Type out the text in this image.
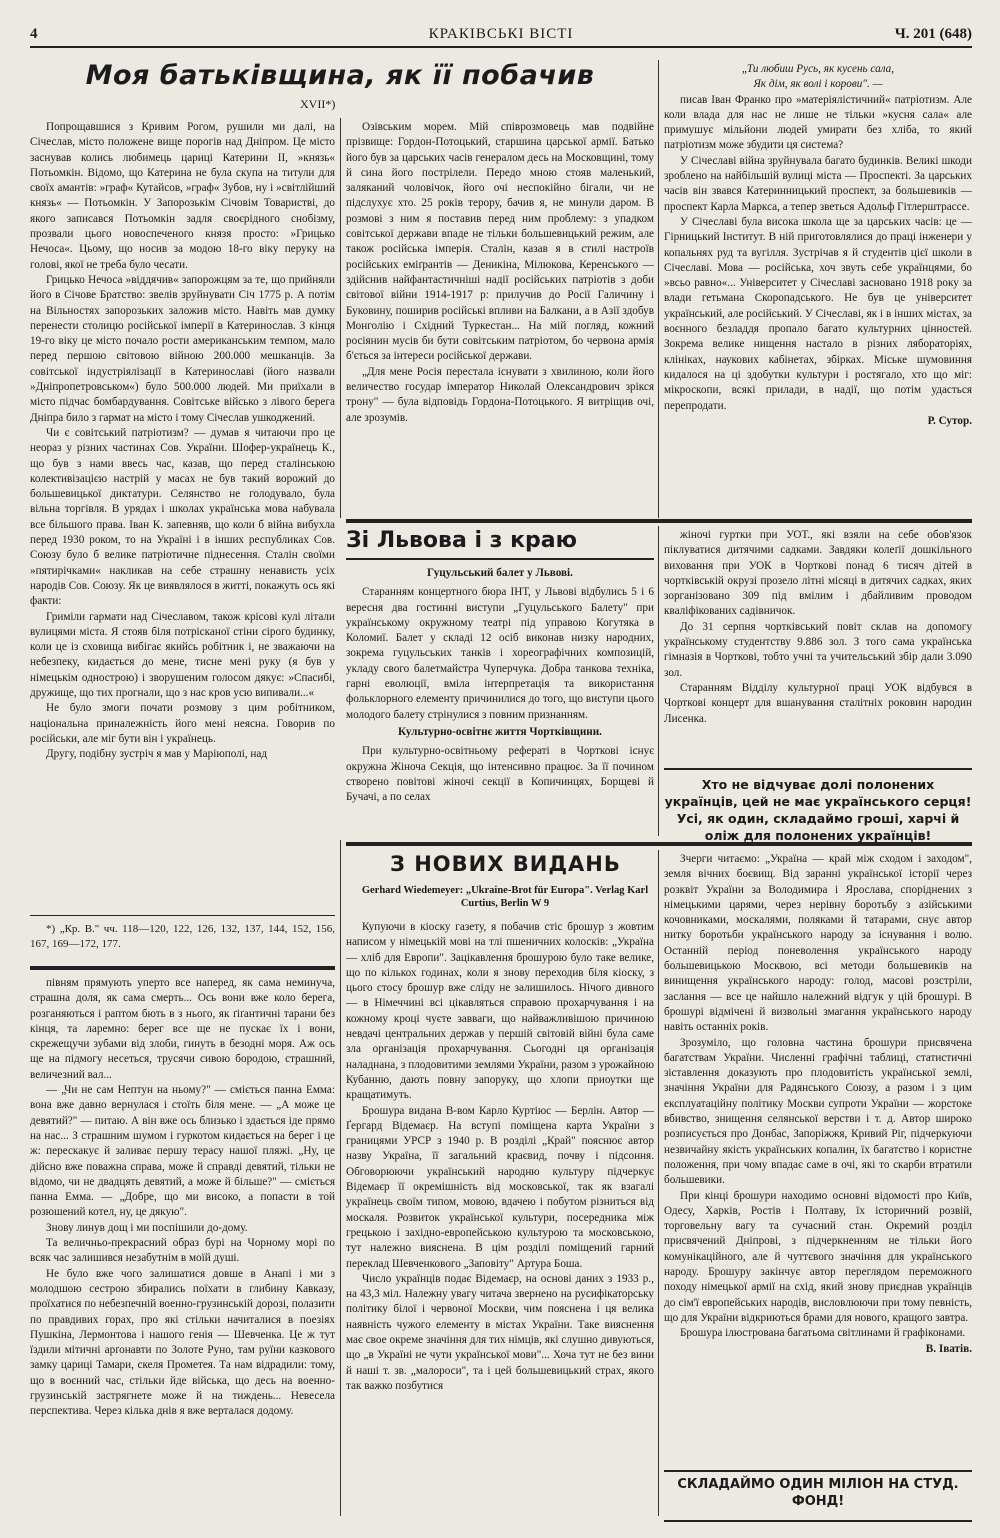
4	КРАКІВСЬКІ ВІСТІ	Ч. 201 (648)
Моя батьківщина, як її побачив
XVII*)

Попрощавшися з Кривим Рогом, рушили ми далі, на Січеслав, місто положене вище порогів над Дніпром. Це місто заснував колись любимець цариці Катерини II, »князь« Потьомкін. Відомо, що Катерина не була скупа на титули для своїх амантів: »граф« Кутайсов, »граф« Зубов, ну і »світлійший князь« — Потьомкін. У Запорозькім Січовім Товаристві, до якого записався Потьомкін задля своєрідного снобізму, прозвали цього новоспеченого князя просто: »Грицько Нечоса«. Цьому, що носив за модою 18-го віку перуку на голові, якої не треба було чесати.

Грицько Нечоса »віддячив« запорожцям за те, що прийняли його в Січове Братство: звелів зруйнувати Січ 1775 р. А потім на Вільностях запорозьких заложив місто. Навіть мав думку перенести столицю російської імперії в Катеринослав. З кінця 19-го віку це місто почало рости американським темпом, мало перед першою світовою війною 200.000 мешканців. За совітської індустріялізації в Катеринославі (його назвали »Дніпропетровськом«) було 500.000 людей. Ми приїхали в місто підчас бомбардування. Совітське військо з лівого берега Дніпра било з гармат на місто і тому Січеслав ушкоджений.

Чи є совітський патріотизм? — думав я читаючи про це неораз у різних частинах Сов. України. Шофер-українець К., що був з нами ввесь час, казав, що перед сталінською колективізацією настрій у масах не був такий ворожий до большевицької диктатури. Селянство не голодувало, була вільна торгівля. В урядах і школах українська мова набувала все більшого права. Іван К. запевняв, що коли б війна вибухла перед 1930 роком, то на Україні і в інших республиках Сов. Союзу було б велике патріотичне піднесення. Сталін своїми »пятирічками« накликав на себе страшну ненависть усіх народів Сов. Союзу. Як це виявлялося в житті, покажуть ось які факти:

Гриміли гармати над Січеславом, також крісові кулі літали вулицями міста. Я стояв біля потрісканої стіни сірого будинку, коли це із сховища вибігає якийсь робітник і, не зважаючи на небезпеку, кидається до мене, тисне мені руку (я був у німецькім однострою) і зворушеним голосом дякує: »Спасибі, дружище, що тих прогнали, що з нас кров усю випивали...«

Не було змоги почати розмову з цим робітником, національна приналежність його мені неясна. Говорив по російськи, але міг бути він і українець.

Другу, подібну зустріч я мав у Маріюполі, над

*) „Кр. В." чч. 118—120, 122, 126, 132, 137, 144, 152, 156, 167, 169—172, 177.

Озівським морем. Мій співрозмовець мав подвійне прізвище: Гордон-Потоцький, старшина царської армії. Батько його був за царських часів генералом десь на Московщині, тому й сина його пострілели. Передо мною стояв маленький, заляканий чоловічок, його очі неспокійно бігали, чи не підслухує хто. 25 років терору, бачив я, не минули даром. В розмові з ним я поставив перед ним проблему: з упадком совітської держави впаде не тільки большевицький режим, але також російська імперія. Сталін, казав я в стилі настроїв російських еміґрантів — Деникіна, Мілюкова, Керенського — здійснив найфантастичніші надії російських патріотів з доби світової війни 1914-1917 р: прилучив до Росії Галичину і Буковину, поширив російські впливи на Балкани, а в Азії здобув Монголію і Східний Туркестан... На мій погляд, кожний росіянин мусів би бути совітським патріотом, бо червона армія б'ється за інтереси російської держави.

„Для мене Росія перестала існувати з хвилиною, коли його величество государ імператор Николай Олександрович зрікся трону" — була відповідь Гордона-Потоцького. Я витріщив очі, але зрозумів.

„Ти любиш Русь, як кусень сала,
Як дім, як волі і корови". —

писав Іван Франко про »матеріялістичний« патріотизм. Але коли влада для нас не лише не тільки »кусня сала« але примушує мільйони людей умирати без хліба, то який патріотизм може збудити ця система?

У Січеславі війна зруйнувала багато будинків. Великі шкоди зроблено на найбільшій вулиці міста — Проспекті. За царських часів він звався Катеринницький проспект, за большевиків — проспект Карла Маркса, а тепер зветься Адольф Гітлерштрассе.

У Січеславі була висока школа ще за царських часів: це — Гірницький Інститут. В ній приготовлялися до праці інженери у копальнях руд та вугілля. Зустрічав я й студентів цієї школи в Січеславі. Мова — російська, хоч звуть себе українцями, бо »всьо равно«... Університет у Січеславі засновано 1918 року за влади гетьмана Скоропадського. Не був це університет український, але російський. У Січеславі, як і в інших містах, за воєнного безладдя пропало багато культурних цінностей. Зокрема велике нищення настало в різних лябораторіях, клініках, наукових кабінетах, збірках. Міське шумовиння кидалося на ці здобутки культури і ростягало, хто що міг: мікроскопи, всякі прилади, в надії, що потім удасться перепродати.

Р. Сутор.
Зі Львова і з краю
Гуцульський балет у Львові.

Старанням концертного бюра ІНТ, у Львові відбулись 5 і 6 вересня два гостинні виступи „Гуцульського Балету" при українському окружному театрі під управою Когутяка в Коломиї. Балет у складі 12 осіб виконав низку народних, зокрема гуцульських танків і хореографічних композицій, укладу свого балетмайстра Чуперчука. Добра танкова техніка, гарні еволюції, вміла інтерпретація та використання фольклорного елементу причинилися до того, що виступи цього молодого балету стрінулися з повним признанням.

Культурно-освітнє життя Чортківщини.

При культурно-освітньому рефераті в Чорткові існує окружна Жіноча Секція, що інтенсивно працює. За її почином створено повітові жіночі секції в Копичинцях, Борщеві й Бучачі, а по селах

жіночі гуртки при УОТ., які взяли на себе обов'язок піклуватися дитячими садками. Завдяки колеґії дошкільного виховання при УОК в Чорткові понад 6 тисяч дітей в чортківській окрузі прозело літні місяці в дитячих садках, яких зорганізовано 309 під вмілим і дбайливим проводом кваліфікованих садівничок.

До 31 серпня чортківський повіт склав на допомогу українському студентству 9.886 зол. З того сама українська гімназія в Чорткові, тобто учні та учительський збір дали 3.090 зол.

Старанням Відділу культурної праці УОК відбувся в Чорткові концерт для вшанування сталітніх роковин народин Лисенка.

Хто не відчуває долі полонених українців, цей не має українського серця! Усі, як один, складаймо гроші, харчі й оліж для полонених українців!

півням прямують уперто все наперед, як сама неминуча, страшна доля, як сама смерть... Ось вони вже коло берега, розганяються і раптом бють в з нього, як ґіґантичні тарани без кінця, та ларемно: берег все ще не пускає їх і вони, скрежещучи зубами від злоби, гинуть в безодні моря. Аж ось ще на підмогу несеться, трусячи сивою бородою, страшний, величезний вал...

— „Чи не сам Нептун на ньому?" — сміється панна Емма: вона вже давно вернулася і стоїть біля мене. — „А може це девятий?" — питаю. А він вже ось близько і здається іде прямо на нас... З страшним шумом і гуркотом кидається на берег і це ж: перескакує й заливає першу терасу нашої пляжі. „Ну, це дійсно вже поважна справа, може й справді девятий, тільки не відомо, чи не двадцять девятий, а може й більше?" — сміється панна Емма. — „Добре, що ми високо, а попасти в той розюшений котел, ну, це дякую".

Знову линув дощ і ми поспішили до-дому.

Та величньо-прекрасний образ бурі на Чорному морі по всяк час залишився незабутнім в моїй душі.

Не було вже чого залишатися довше в Анапі і ми з молодшою сестрою збирались поїхати в глибину Кавказу, проїхатися по небезпечній военно-грузинській дорозі, полазити по правдивих горах, про які стільки начиталися в поезіях Пушкіна, Лермонтова і нашого генія — Шевченка. Це ж тут їздили мітичні арґонавти по Золоте Руно, там руїни казкового замку цариці Тамари, скеля Прометея. Та нам відрадили: тому, що в воєнний час, стільки йде війська, що десь на военно-грузинській застрягнете може й на тиждень... Невесела перспектива. Через кілька днів я вже верталася додому.

З НОВИХ ВИДАНЬ
Gerhard Wiedemeyer: „Ukraine-Brot für Europa". Verlag Karl Curtius, Berlin W 9

Купуючи в кіоску газету, я побачив стіс брошур з жовтим написом у німецькій мові на тлі пшеничних колосків: „Україна — хліб для Европи". Зацікавлення брошурою було таке велике, що по кількох годинах, коли я знову переходив біля кіоску, з цього стосу брошур вже сліду не залишилось. Нічого дивного — в Німеччині всі цікавляться справою прохарчування і на кожному кроці чуєте завваги, що найважливішою причиною невдачі центральних держав у першій світовій війні була саме зла організація прохарчування. Сьогодні ця організація наладнана, з плодовитими землями України, разом з урожайною Кубанню, дають повну запоруку, що хлопи приоутки ще кращатимуть.

Брошура видана В-вом Карло Куртіюс — Берлін. Автор — Ґергард Відемаєр. На вступі поміщена карта України з границями УРСР з 1940 р. В розділі „Край" пояснює автор назву Україна, її загальний краєвид, почву і підсоння. Обговорюючи український народню культуру підчеркує Відемаєр її окремішність від московської, так як взагалі українець своїм типом, мовою, вдачею і побутом різниться від москаля. Розвиток української культури, посередника між грецькою і західно-европейською культурою та московською, тут належно вияснена. В цім розділі поміщений гарний переклад Шевченкового „Заповіту" Артура Боша.

Число українців подає Відемаєр, на основі даних з 1933 р., на 43,3 міл. Належну увагу читача звернено на русифікаторську політику білої і червоної Москви, чим пояснена і ця велика наявність чужого елементу в містах України. Таке вияснення має свое окреме значіння для тих німців, які слушно дивуються, що „в Україні не чути української мови"... Хоча тут не без вини й наші т. зв. „малороси", та і цей большевицький страх, якого так важко позбутися

Зчерги читаємо: „Україна — край між сходом і заходом", земля вічних боєвищ. Від заранні української історії через розквіт України за Володимира і Ярослава, споріднених з німецькими царями, через нерівну боротьбу з азійськими кочовниками, москалями, поляками й татарами, снує автор нитку боротьби українського народу за існування і волю. Останній період поневолення українського народу большевицькою Москвою, всі методи большевиків на винищення українського народу: голод, масові розстріли, заслання — все це найшло належний відгук у цій брошурі. В брошурі відмічені й визвольні змагання українського народу навіть останніх років.

Зрозуміло, що головна частина брошури присвячена багатствам України. Численні графічні таблиці, статистичні зіставлення доказують про плодовитість української землі, значіння України для Радянського Союзу, а разом і з цим експлуатаційну політику Москви супроти України — жорстоке вбивство, знищення селянської верстви і т. д. Автор широко розписується про Донбас, Запоріжжя, Кривий Ріг, підчеркуючи незвичайну якість українських копалин, їх багатство і користне положення, при чому впадає саме в очі, які то скарби втратили большевики.

При кінці брошури находимо основні відомості про Київ, Одесу, Харків, Ростів і Полтаву, їх історичний розвій, торговельну вагу та сучасний стан. Окремий розділ присвячений Дніпрові, з підчеркненням не тільки його комунікаційного, але й чуттєвого значіння для українського народу. Брошуру закінчує автор переглядом переможного походу німецької армії на схід, який знову приєднав українців до сім'ї европейських народів, висловлюючи при тому певність, що для України відкриються брами для нового, кращого завтра.

Брошура ілюстрована багатьома світлинами й графіконами.

В. Іватів.
СКЛАДАЙМО ОДИН МІЛІОН НА СТУД. ФОНД!
